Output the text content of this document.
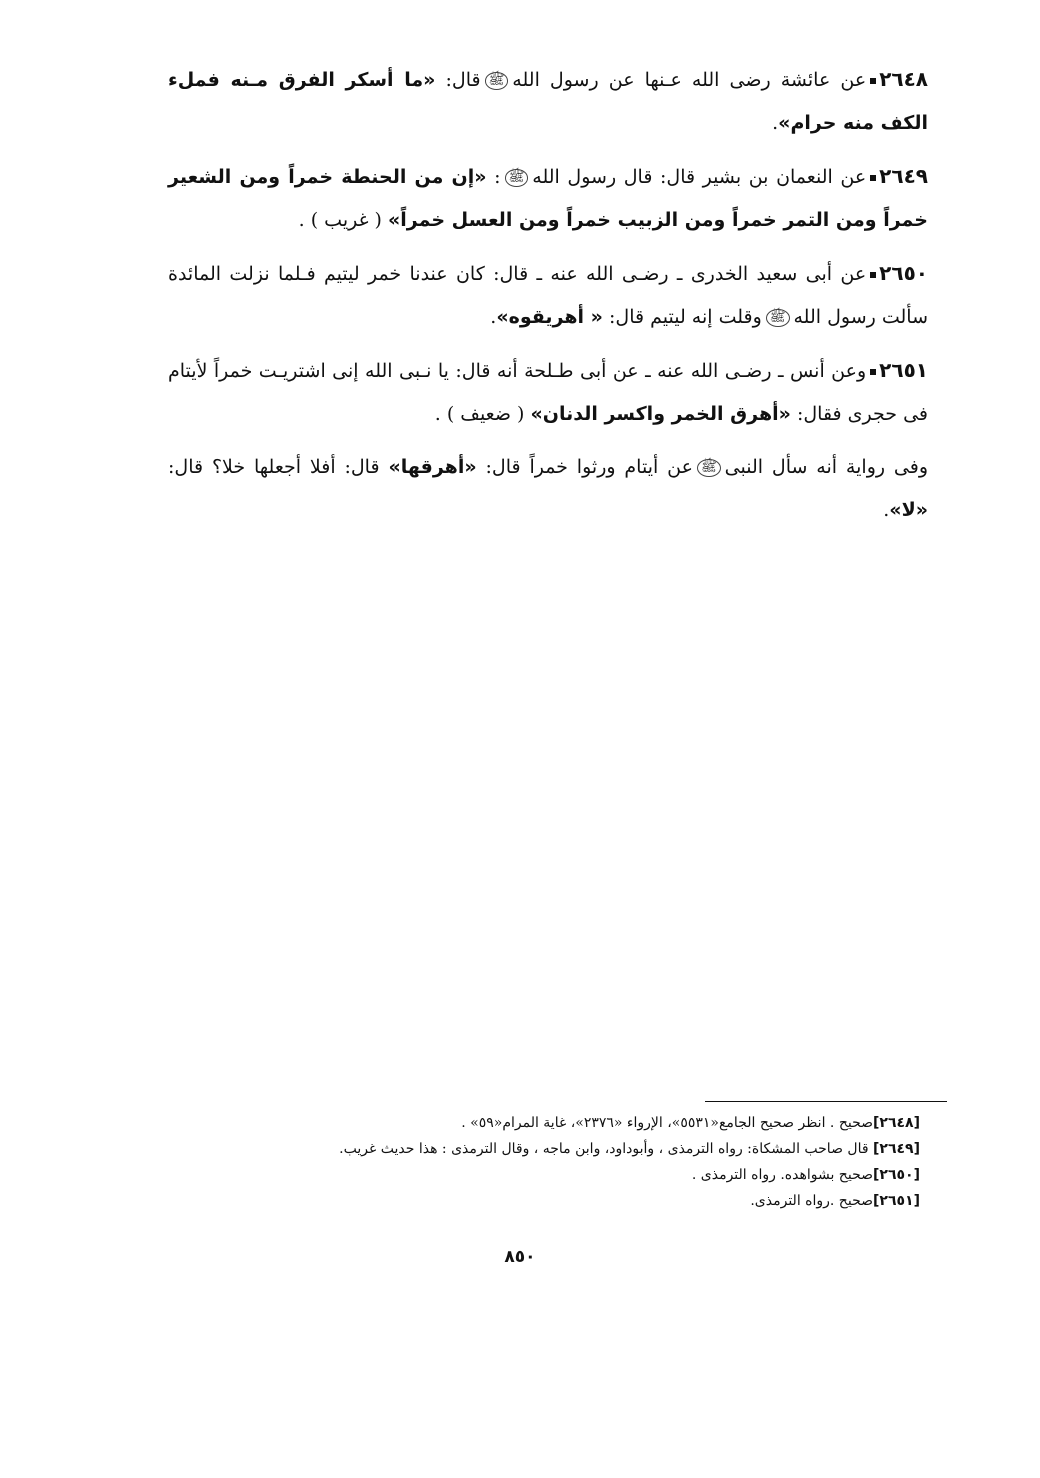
٢٦٤٨عن عائشة رضى الله عـنها عن رسول اللهﷺقال: «ما أسكر الفرق مـنه فملء الكف منه حرام».

٢٦٤٩عن النعمان بن بشير قال: قال رسول اللهﷺ: «إن من الحنطة خمراً ومن الشعير خمراً ومن التمر خمراً ومن الزبيب خمراً ومن العسل خمراً» ( غريب ) .

٢٦٥٠عن أبى سعيد الخدرى ـ رضـى الله عنه ـ قال: كان عندنا خمر ليتيم فـلما نزلت المائدة سألت رسول اللهﷺوقلت إنه ليتيم قال: « أهريقوه».

٢٦٥١وعن أنس ـ رضـى الله عنه ـ عن أبى طـلحة أنه قال: يا نـبى الله إنى اشتريـت خمراً لأيتام فى حجرى فقال: «أهرق الخمر واكسر الدنان» ( ضعيف ) .

وفى رواية أنه سأل النبىﷺعن أيتام ورثوا خمراً قال: «أهرقها» قال: أفلا أجعلها خلا؟ قال: «لا».

[٢٦٤٨]صحيح . انظر صحيح الجامع«٥٥٣١»، الإرواء «٢٣٧٦»، غاية المرام«٥٩» .

[٢٦٤٩] قال صاحب المشكاة: رواه الترمذى ، وأبوداود، وابن ماجه ، وقال الترمذى : هذا حديث غريب.

[٢٦٥٠]صحيح بشواهده. رواه الترمذى .

[٢٦٥١]صحيح .رواه الترمذى.

٨٥٠
